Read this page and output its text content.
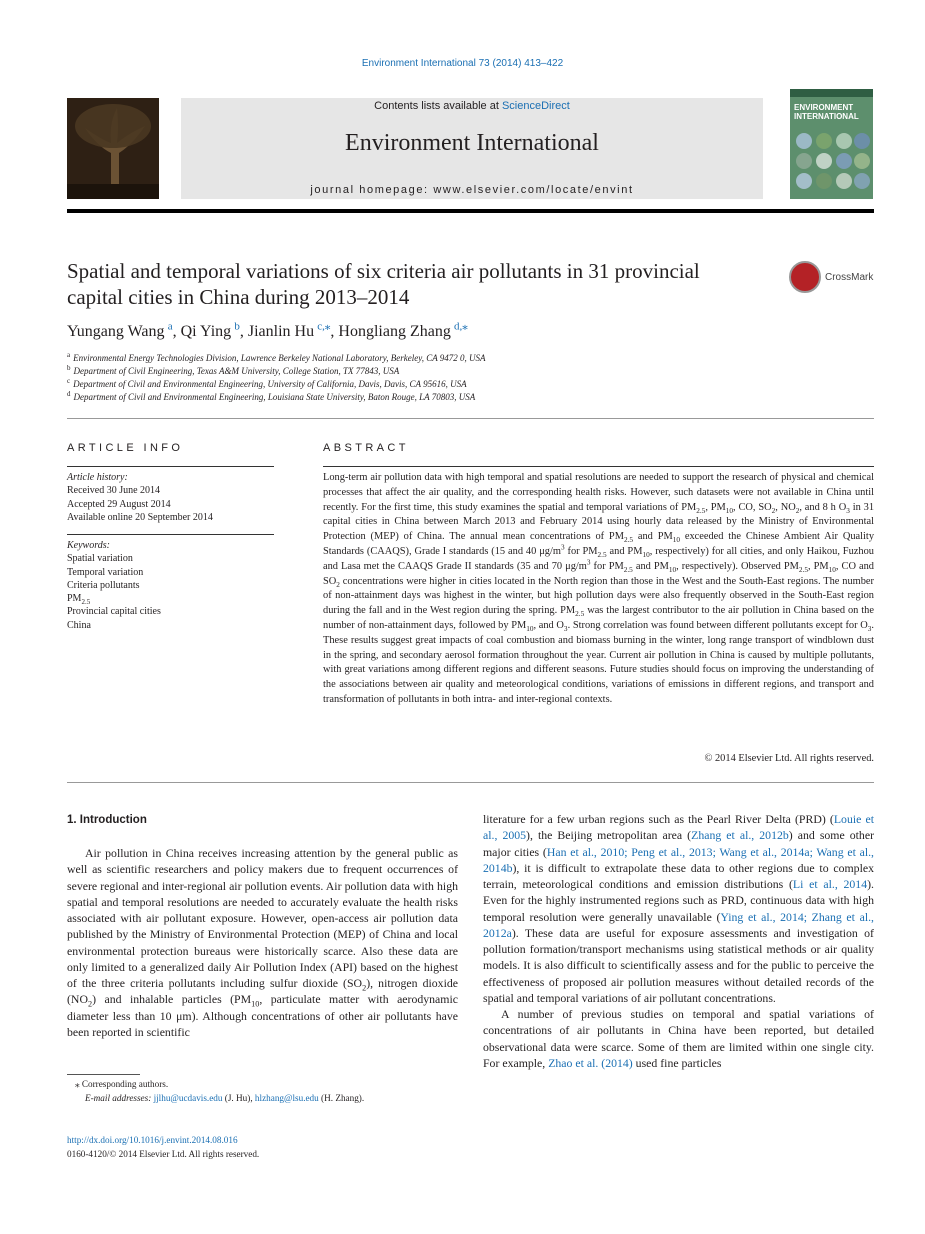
Environment International 73 (2014) 413–422
Contents lists available at ScienceDirect
Environment International
journal homepage: www.elsevier.com/locate/envint
ENVIRONMENT
INTERNATIONAL
Spatial and temporal variations of six criteria air pollutants in 31 provincial capital cities in China during 2013–2014
CrossMark
Yungang Wang  $^a$, Qi Ying  $^b$, Jianlin Hu  $^{c,⁎}$, Hongliang Zhang  $^{d,⁎}$
$^a$ Environmental Energy Technologies Division, Lawrence Berkeley National Laboratory, Berkeley, CA 9472 0, USA
$^b$ Department of Civil Engineering, Texas A&M University, College Station, TX 77843, USA
$^c$ Department of Civil and Environmental Engineering, University of California, Davis, Davis, CA 95616, USA
$^d$ Department of Civil and Environmental Engineering, Louisiana State University, Baton Rouge, LA 70803, USA
ARTICLE INFO	ABSTRACT
Article history:
Received 30 June 2014
Accepted 29 August 2014
Available online 20 September 2014
Keywords:
Spatial variation
Temporal variation
Criteria pollutants
$PM_{2.5}$
Provincial capital cities
China
Long-term air pollution data with high temporal and spatial resolutions are needed to support the research of physical and chemical processes that affect the air quality, and the corresponding health risks. However, such datasets were not available in China until recently. For the first time, this study examines the spatial and temporal variations of $PM_{2.5}$, $PM_{10}$, CO, $SO_2$, $NO_2$, and 8 h $O_3$ in 31 capital cities in China between March 2013 and February 2014 using hourly data released by the Ministry of Environmental Protection (MEP) of China. The annual mean concentrations of $PM_{2.5}$ and $PM_{10}$ exceeded the Chinese Ambient Air Quality Standards (CAAQS), Grade I standards (15 and 40 $\mu g/m^3$ for $PM_{2.5}$ and $PM_{10}$, respectively) for all cities, and only Haikou, Fuzhou and Lasa met the CAAQS Grade II standards (35 and 70 $\mu g/m^3$ for $PM_{2.5}$ and $PM_{10}$, respectively). Observed $PM_{2.5}$, $PM_{10}$, CO and $SO_2$ concentrations were higher in cities located in the North region than those in the West and the South-East regions. The number of non-attainment days was highest in the winter, but high pollution days were also frequently observed in the South-East region during the fall and in the West region during the spring. $PM_{2.5}$ was the largest contributor to the air pollution in China based on the number of non-attainment days, followed by $PM_{10}$, and $O_3$. Strong correlation was found between different pollutants except for $O_3$. These results suggest great impacts of coal combustion and biomass burning in the winter, long range transport of windblown dust in the spring, and secondary aerosol formation throughout the year. Current air pollution in China is caused by multiple pollutants, with great variations among different regions and different seasons. Future studies should focus on improving the understanding of the associations between air quality and meteorological conditions, variations of emissions in different regions, and transport and transformation of pollutants in both intra- and inter-regional contexts.
© 2014 Elsevier Ltd. All rights reserved.
1. Introduction

Air pollution in China receives increasing attention by the general public as well as scientific researchers and policy makers due to frequent occurrences of severe regional and inter-regional air pollution events. Air pollution data with high spatial and temporal resolutions are needed to accurately evaluate the health risks associated with air pollutant exposure. However, open-access air pollution data published by the Ministry of Environmental Protection (MEP) of China and local environmental protection bureaus were historically scarce. Also these data are only limited to a generalized daily Air Pollution Index (API) based on the highest of the three criteria pollutants including sulfur dioxide $(SO_2)$, nitrogen dioxide $(NO_2)$ and inhalable particles ($PM_{10}$, particulate matter with aerodynamic diameter less than 10 μm). Although concentrations of other air pollutants have been reported in scientific

literature for a few urban regions such as the Pearl River Delta (PRD) (Louie et al., 2005), the Beijing metropolitan area (Zhang et al., 2012b) and some other major cities (Han et al., 2010; Peng et al., 2013; Wang et al., 2014a; Wang et al., 2014b), it is difficult to extrapolate these data to other regions due to complex terrain, meteorological conditions and emission distributions (Li et al., 2014). Even for the highly instrumented regions such as PRD, continuous data with high temporal resolution were generally unavailable (Ying et al., 2014; Zhang et al., 2012a). These data are useful for exposure assessments and investigation of pollution formation/transport mechanisms using statistical methods or air quality models. It is also difficult to scientifically assess and for the public to perceive the effectiveness of proposed air pollution measures without detailed records of the spatial and temporal variations of air pollutant concentrations.

A number of previous studies on temporal and spatial variations of concentrations of air pollutants in China have been reported, but detailed observational data were scarce. Some of them are limited within one single city. For example, Zhao et al. (2014) used fine particles

⁎ Corresponding authors.
E-mail addresses: jjlhu@ucdavis.edu (J. Hu), hlzhang@lsu.edu (H. Zhang).
http://dx.doi.org/10.1016/j.envint.2014.08.016
0160-4120/© 2014 Elsevier Ltd. All rights reserved.
